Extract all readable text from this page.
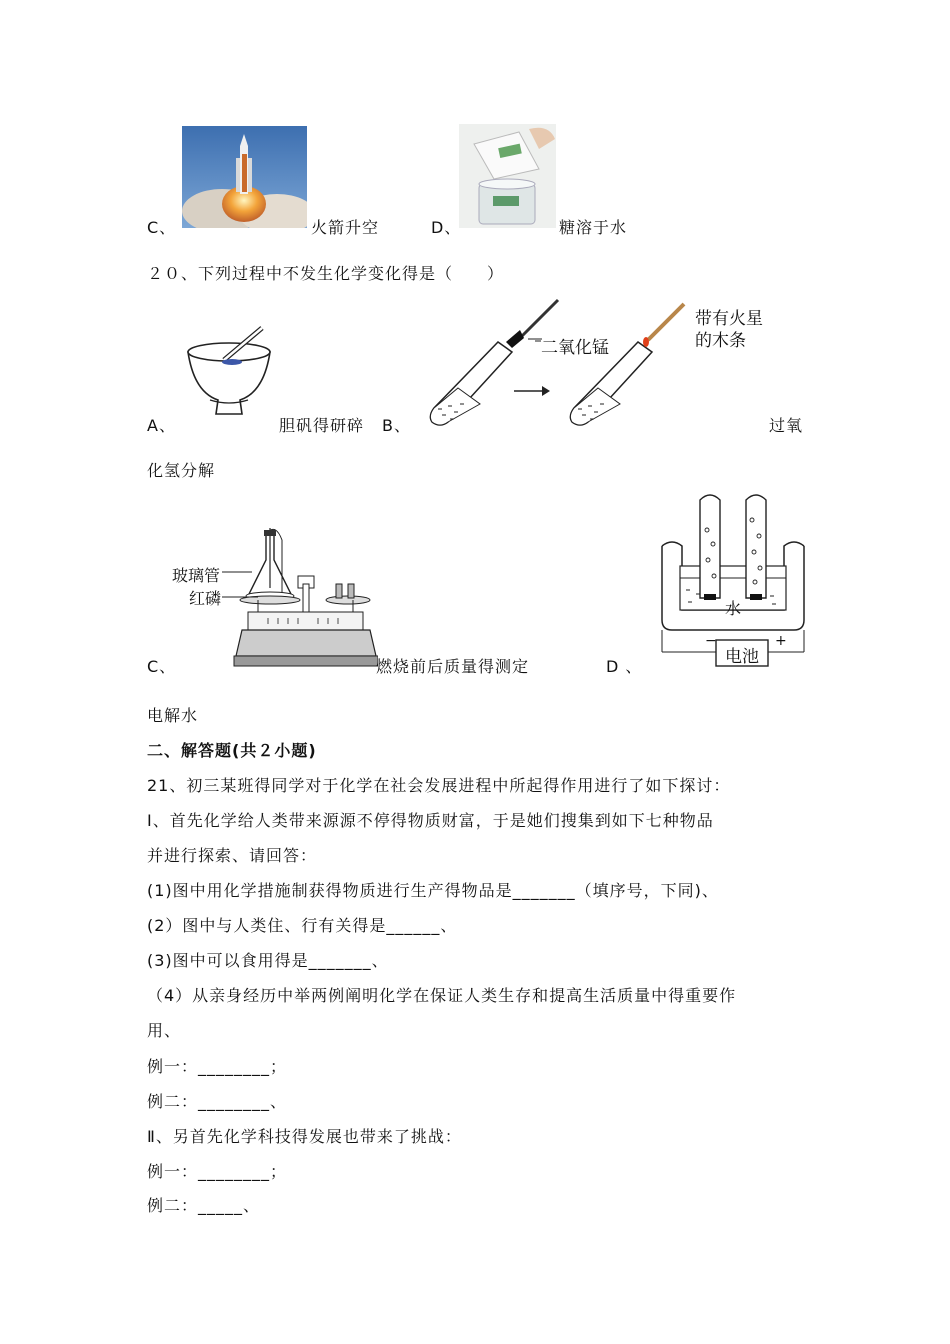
C、	火箭升空	D、	糖溶于水
２０、下列过程中不发生化学变化得是（　　）
A、	胆矾得研碎 B、
二氧化锰
带有火星
的木条
过氧
化氢分解
玻璃管
红磷
C、	燃烧前后质量得测定
水
电池
−	+
D 、
电解水
二、解答题(共２小题)
21、初三某班得同学对于化学在社会发展进程中所起得作用进行了如下探讨：
Ⅰ、首先化学给人类带来源源不停得物质财富，于是她们搜集到如下七种物品
并进行探索、请回答：
(1)图中用化学措施制获得物质进行生产得物品是_______（填序号，下同)、
(2）图中与人类住、行有关得是______、
(3)图中可以食用得是_______、
（4）从亲身经历中举两例阐明化学在保证人类生存和提高生活质量中得重要作
用、
例一：________；
例二：________、
Ⅱ、另首先化学科技得发展也带来了挑战：
例一：________；
例二：_____、
